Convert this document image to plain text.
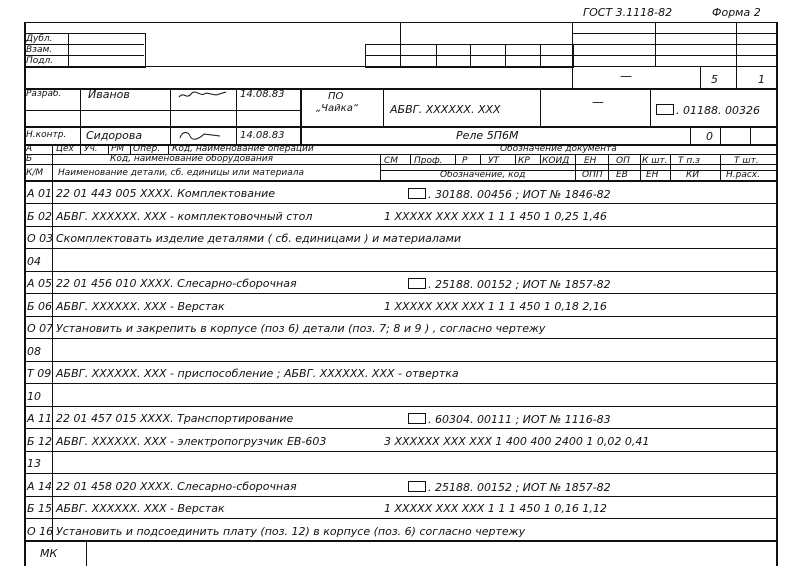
ГОСТ 3.1118-82	Форма 2
Дубл.
Взам.
Подл.
—	5	1
Разраб. Иванов	14.08.83	ПО
„Чайка“	АБВГ. XXXXXX. XXX
—
. 01188. 00326
Н.контр. Сидорова	14.08.83	Реле 5П6М	0
А	Цех Уч. РМ Опер. Код, наименование операции	Обозначение документа
Б	Код, наименование оборудования	СМ Проф. Р УТ КР КОИД ЕН ОП К шт. Т п.з	Т шт.
К/М Наименование детали, сб. единицы или материала	Обозначение, код	ОПП ЕВ ЕН	КИ	Н.расх.
А 01 22 01 443 005 XXXX. Комплектование	. 30188. 00456 ; ИОТ № 1846-82
Б 02 АБВГ. XXXXXX. XXX - комплектовочный стол	1 XXXXX XXX XXX 1 1 1 450 1 0,25 1,46
О 03 Скомплектовать изделие деталями ( сб. единицами ) и материалами
04
А 05 22 01 456 010 XXXX. Слесарно-сборочная	. 25188. 00152 ; ИОТ № 1857-82
Б 06 АБВГ. XXXXXX. XXX - Верстак	1 XXXXX XXX XXX 1 1 1 450 1 0,18 2,16
О 07 Установить и закрепить в корпусе (поз 6) детали (поз. 7; 8 и 9 ) , согласно чертежу
08
Т 09 АБВГ. XXXXXX. XXX - приспособление ; АБВГ. XXXXXX. XXX - отвертка
10
А 11 22 01 457 015 XXXX. Транспортирование	. 60304. 00111 ; ИОТ № 1116-83
Б 12 АБВГ. XXXXXX. XXX - электропогрузчик ЕВ-603	3 XXXXXX XXX XXX 1 400 400 2400 1 0,02 0,41
13
А 14 22 01 458 020 XXXX. Слесарно-сборочная	. 25188. 00152 ; ИОТ № 1857-82
Б 15 АБВГ. XXXXXX. XXX - Верстак	1 XXXXX XXX XXX 1 1 1 450 1 0,16 1,12
О 16 Установить и подсоединить плату (поз. 12) в корпусе (поз. 6) согласно чертежу
МК
